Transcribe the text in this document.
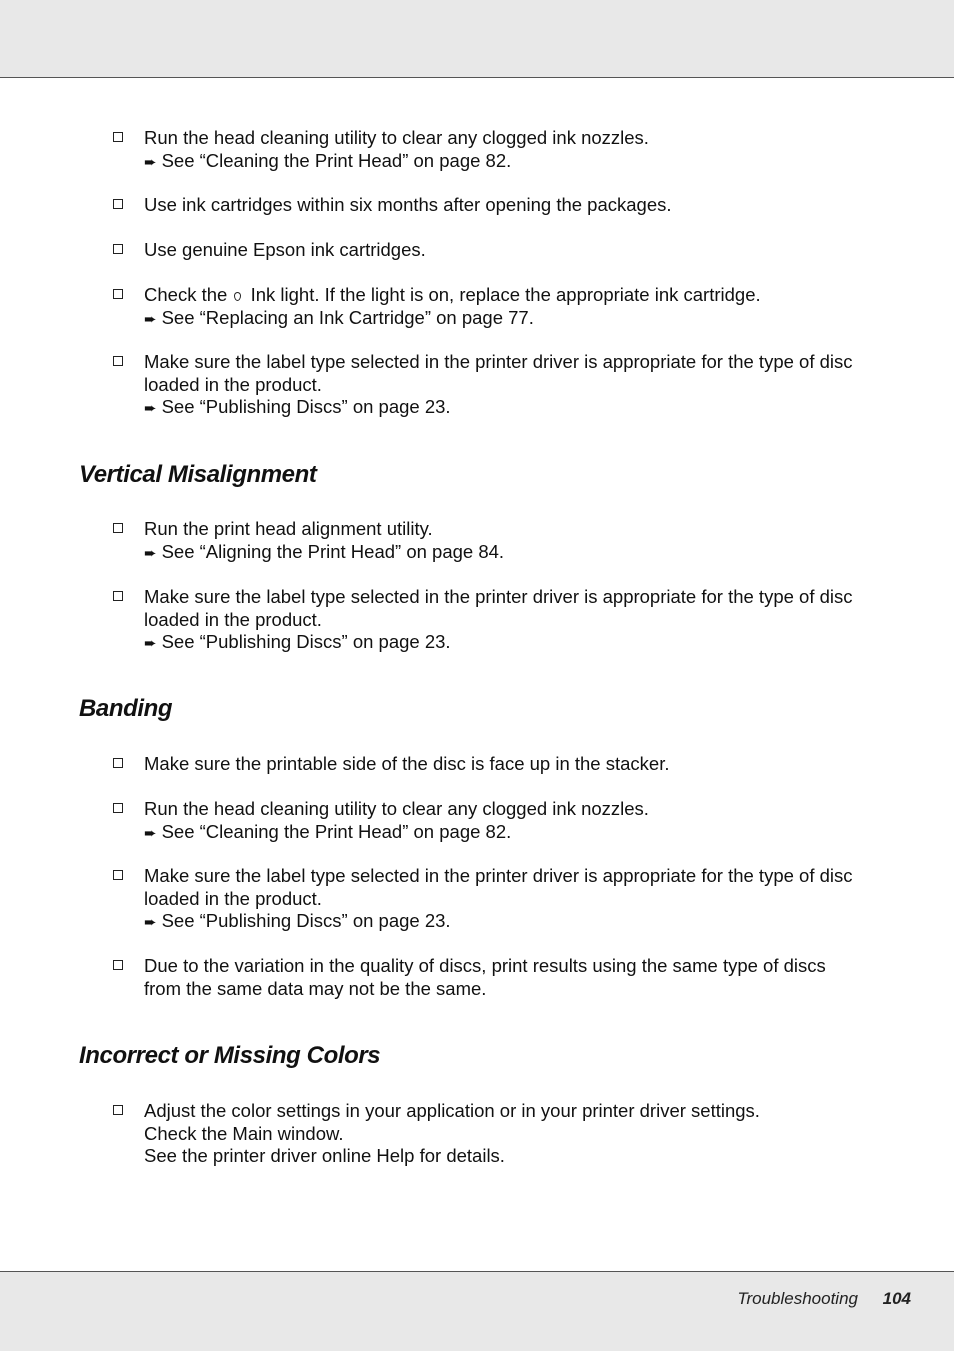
Run the head cleaning utility to clear any clogged ink nozzles.
➨ See “Cleaning the Print Head” on page 82.
Use ink cartridges within six months after opening the packages.
Use genuine Epson ink cartridges.
Check the Ink light. If the light is on, replace the appropriate ink cartridge.
➨ See “Replacing an Ink Cartridge” on page 77.
Make sure the label type selected in the printer driver is appropriate for the type of disc
loaded in the product.
➨ See “Publishing Discs” on page 23.
Vertical Misalignment
Run the print head alignment utility.
➨ See “Aligning the Print Head” on page 84.
Make sure the label type selected in the printer driver is appropriate for the type of disc
loaded in the product.
➨ See “Publishing Discs” on page 23.
Banding
Make sure the printable side of the disc is face up in the stacker.
Run the head cleaning utility to clear any clogged ink nozzles.
➨ See “Cleaning the Print Head” on page 82.
Make sure the label type selected in the printer driver is appropriate for the type of disc
loaded in the product.
➨ See “Publishing Discs” on page 23.
Due to the variation in the quality of discs, print results using the same type of discs
from the same data may not be the same.
Incorrect or Missing Colors
Adjust the color settings in your application or in your printer driver settings.
Check the Main window.
See the printer driver online Help for details.
Troubleshooting 104
